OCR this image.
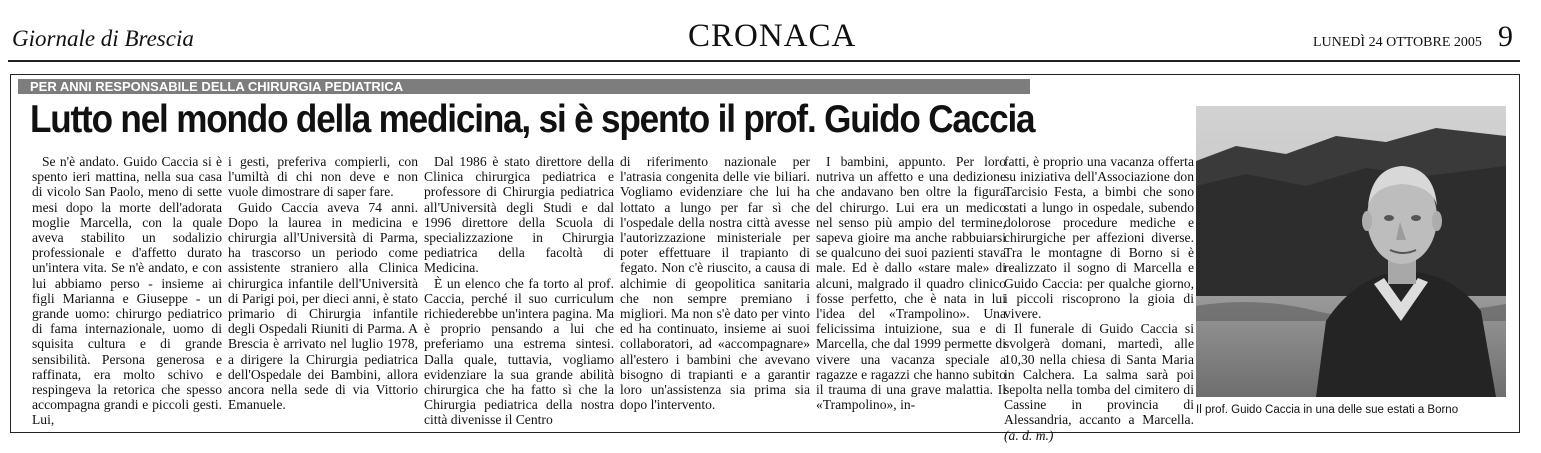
Giornale di Brescia	CRONACA	LUNEDÌ 24 OTTOBRE 2005 9
PER ANNI RESPONSABILE DELLA CHIRURGIA PEDIATRICA
Lutto nel mondo della medicina, si è spento il prof. Guido Caccia

Se n'è andato. Guido Caccia si è spento ieri mattina, nella sua casa di vicolo San Paolo, meno di sette mesi dopo la morte dell'adorata moglie Marcella, con la quale aveva stabilito un sodalizio professionale e d'affetto durato un'intera vita. Se n'è andato, e con lui abbiamo perso - insieme ai figli Marianna e Giuseppe - un grande uomo: chirurgo pediatrico di fama internazionale, uomo di squisita cultura e di grande sensibilità. Persona generosa e raffinata, era molto schivo e respingeva la retorica che spesso accompagna grandi e piccoli gesti. Lui,

i gesti, preferiva compierli, con l'umiltà di chi non deve e non vuole dimostrare di saper fare.

Guido Caccia aveva 74 anni. Dopo la laurea in medicina e chirurgia all'Università di Parma, ha trascorso un periodo come assistente straniero alla Clinica chirurgica infantile dell'Università di Parigi poi, per dieci anni, è stato primario di Chirurgia infantile degli Ospedali Riuniti di Parma. A Brescia è arrivato nel luglio 1978, a dirigere la Chirurgia pediatrica dell'Ospedale dei Bambini, allora ancora nella sede di via Vittorio Emanuele.

Dal 1986 è stato direttore della Clinica chirurgica pediatrica e professore di Chirurgia pediatrica all'Università degli Studi e dal 1996 direttore della Scuola di specializzazione in Chirurgia pediatrica della facoltà di Medicina.

È un elenco che fa torto al prof. Caccia, perché il suo curriculum richiederebbe un'intera pagina. Ma è proprio pensando a lui che preferiamo una estrema sintesi. Dalla quale, tuttavia, vogliamo evidenziare la sua grande abilità chirurgica che ha fatto sì che la Chirurgia pediatrica della nostra città divenisse il Centro

di riferimento nazionale per l'atrasia congenita delle vie biliari. Vogliamo evidenziare che lui ha lottato a lungo per far sì che l'ospedale della nostra città avesse l'autorizzazione ministeriale per poter effettuare il trapianto di fegato. Non c'è riuscito, a causa di alchimie di geopolitica sanitaria che non sempre premiano i migliori. Ma non s'è dato per vinto ed ha continuato, insieme ai suoi collaboratori, ad «accompagnare» all'estero i bambini che avevano bisogno di trapianti e a garantir loro un'assistenza sia prima sia dopo l'intervento.

I bambini, appunto. Per loro nutriva un affetto e una dedizione che andavano ben oltre la figura del chirurgo. Lui era un medico nel senso più ampio del termine, sapeva gioire ma anche rabbuiarsi se qualcuno dei suoi pazienti stava male. Ed è dallo «stare male» di alcuni, malgrado il quadro clinico fosse perfetto, che è nata in lui l'idea del «Trampolino». Una felicissima intuizione, sua e di Marcella, che dal 1999 permette di vivere una vacanza speciale a ragazze e ragazzi che hanno subito il trauma di una grave malattia. Il «Trampolino», in-

fatti, è proprio una vacanza offerta su iniziativa dell'Associazione don Tarcisio Festa, a bimbi che sono stati a lungo in ospedale, subendo dolorose procedure mediche e chirurgiche per affezioni diverse. Tra le montagne di Borno si è realizzato il sogno di Marcella e Guido Caccia: per qualche giorno, i piccoli riscoprono la gioia di vivere.

Il funerale di Guido Caccia si svolgerà domani, martedì, alle 10,30 nella chiesa di Santa Maria in Calchera. La salma sarà poi sepolta nella tomba del cimitero di Cassine in provincia di Alessandria, accanto a Marcella. (a. d. m.)

Il prof. Guido Caccia in una delle sue estati a Borno
